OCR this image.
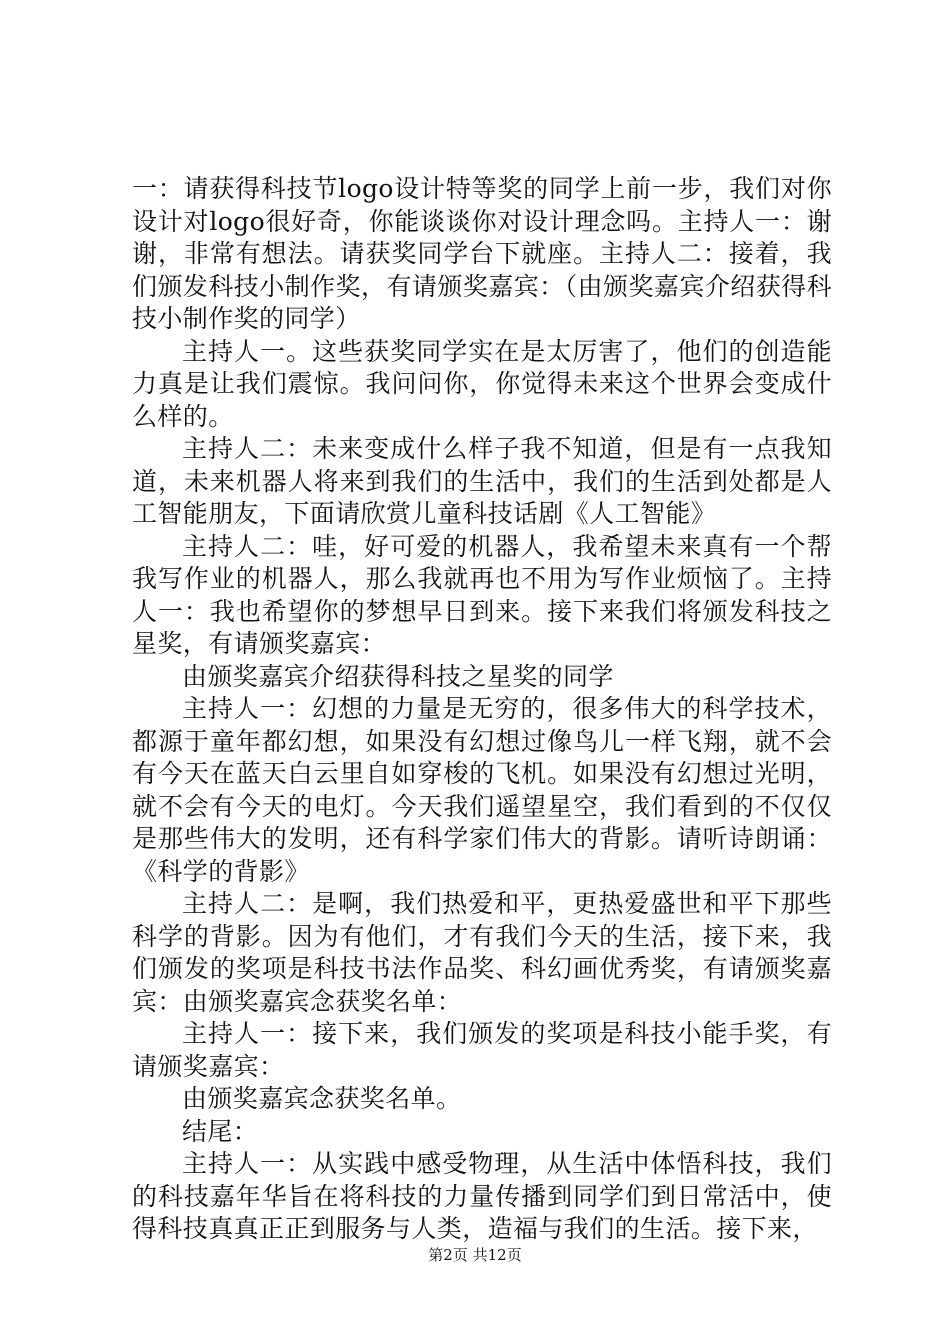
一：请获得科技节logo设计特等奖的同学上前一步，我们对你设计对logo很好奇，你能谈谈你对设计理念吗。主持人一：谢谢，非常有想法。请获奖同学台下就座。主持人二：接着，我们颁发科技小制作奖，有请颁奖嘉宾：（由颁奖嘉宾介绍获得科技小制作奖的同学）

主持人一。这些获奖同学实在是太厉害了，他们的创造能力真是让我们震惊。我问问你，你觉得未来这个世界会变成什么样的。

主持人二：未来变成什么样子我不知道，但是有一点我知道，未来机器人将来到我们的生活中，我们的生活到处都是人工智能朋友，下面请欣赏儿童科技话剧《人工智能》

主持人二：哇，好可爱的机器人，我希望未来真有一个帮我写作业的机器人，那么我就再也不用为写作业烦恼了。主持人一：我也希望你的梦想早日到来。接下来我们将颁发科技之星奖，有请颁奖嘉宾：

由颁奖嘉宾介绍获得科技之星奖的同学

主持人一：幻想的力量是无穷的，很多伟大的科学技术，都源于童年都幻想，如果没有幻想过像鸟儿一样飞翔，就不会有今天在蓝天白云里自如穿梭的飞机。如果没有幻想过光明，就不会有今天的电灯。今天我们遥望星空，我们看到的不仅仅是那些伟大的发明，还有科学家们伟大的背影。请听诗朗诵：《科学的背影》

主持人二：是啊，我们热爱和平，更热爱盛世和平下那些科学的背影。因为有他们，才有我们今天的生活，接下来，我们颁发的奖项是科技书法作品奖、科幻画优秀奖，有请颁奖嘉宾：由颁奖嘉宾念获奖名单：

主持人一：接下来，我们颁发的奖项是科技小能手奖，有请颁奖嘉宾：

由颁奖嘉宾念获奖名单。

结尾：

主持人一：从实践中感受物理，从生活中体悟科技，我们的科技嘉年华旨在将科技的力量传播到同学们到日常活中，使得科技真真正正到服务与人类，造福与我们的生活。接下来，

第2页 共12页
